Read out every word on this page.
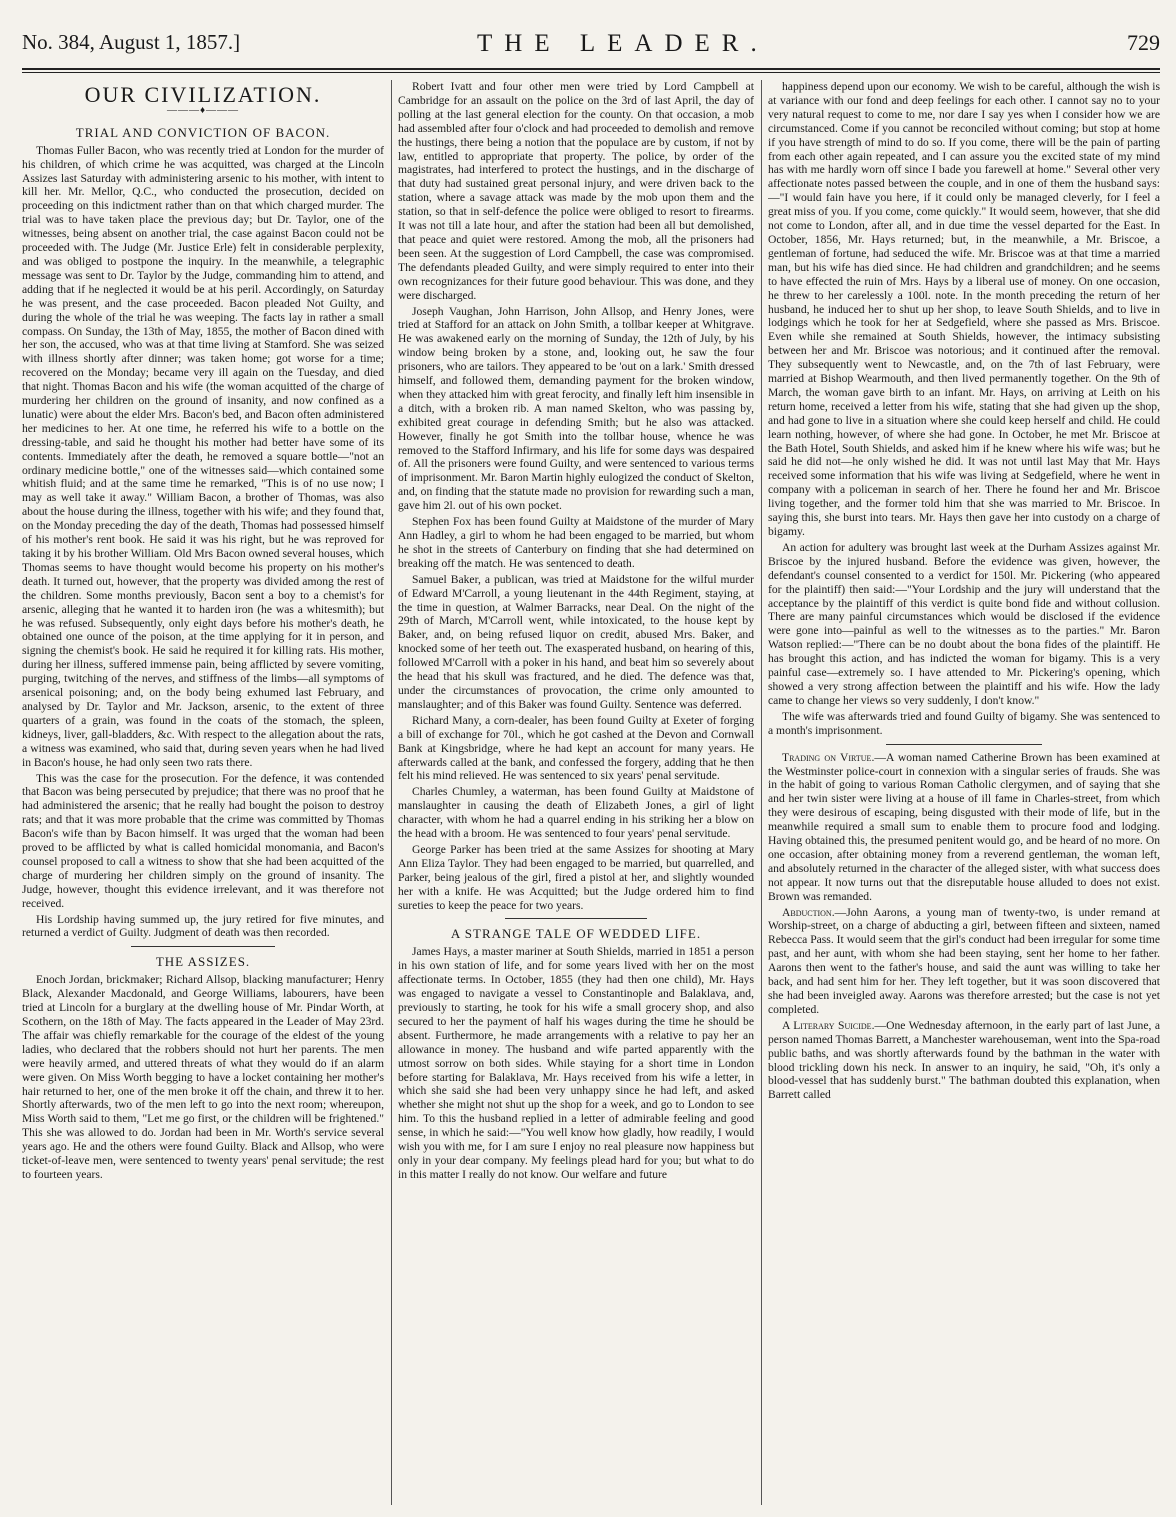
No. 384, August 1, 1857.]	THE LEADER.	729
OUR CIVILIZATION.
———♦———
TRIAL AND CONVICTION OF BACON.

Thomas Fuller Bacon, who was recently tried at London for the murder of his children, of which crime he was acquitted, was charged at the Lincoln Assizes last Saturday with administering arsenic to his mother, with intent to kill her. Mr. Mellor, Q.C., who conducted the prosecution, decided on proceeding on this indictment rather than on that which charged murder. The trial was to have taken place the previous day; but Dr. Taylor, one of the witnesses, being absent on another trial, the case against Bacon could not be proceeded with. The Judge (Mr. Justice Erle) felt in considerable perplexity, and was obliged to postpone the inquiry. In the meanwhile, a telegraphic message was sent to Dr. Taylor by the Judge, commanding him to attend, and adding that if he neglected it would be at his peril. Accordingly, on Saturday he was present, and the case proceeded. Bacon pleaded Not Guilty, and during the whole of the trial he was weeping. The facts lay in rather a small compass. On Sunday, the 13th of May, 1855, the mother of Bacon dined with her son, the accused, who was at that time living at Stamford. She was seized with illness shortly after dinner; was taken home; got worse for a time; recovered on the Monday; became very ill again on the Tuesday, and died that night. Thomas Bacon and his wife (the woman acquitted of the charge of murdering her children on the ground of insanity, and now confined as a lunatic) were about the elder Mrs. Bacon's bed, and Bacon often administered her medicines to her. At one time, he referred his wife to a bottle on the dressing-table, and said he thought his mother had better have some of its contents. Immediately after the death, he removed a square bottle—"not an ordinary medicine bottle," one of the witnesses said—which contained some whitish fluid; and at the same time he remarked, "This is of no use now; I may as well take it away." William Bacon, a brother of Thomas, was also about the house during the illness, together with his wife; and they found that, on the Monday preceding the day of the death, Thomas had possessed himself of his mother's rent book. He said it was his right, but he was reproved for taking it by his brother William. Old Mrs Bacon owned several houses, which Thomas seems to have thought would become his property on his mother's death. It turned out, however, that the property was divided among the rest of the children. Some months previously, Bacon sent a boy to a chemist's for arsenic, alleging that he wanted it to harden iron (he was a whitesmith); but he was refused. Subsequently, only eight days before his mother's death, he obtained one ounce of the poison, at the time applying for it in person, and signing the chemist's book. He said he required it for killing rats. His mother, during her illness, suffered immense pain, being afflicted by severe vomiting, purging, twitching of the nerves, and stiffness of the limbs—all symptoms of arsenical poisoning; and, on the body being exhumed last February, and analysed by Dr. Taylor and Mr. Jackson, arsenic, to the extent of three quarters of a grain, was found in the coats of the stomach, the spleen, kidneys, liver, gall-bladders, &c. With respect to the allegation about the rats, a witness was examined, who said that, during seven years when he had lived in Bacon's house, he had only seen two rats there.

This was the case for the prosecution. For the defence, it was contended that Bacon was being persecuted by prejudice; that there was no proof that he had administered the arsenic; that he really had bought the poison to destroy rats; and that it was more probable that the crime was committed by Thomas Bacon's wife than by Bacon himself. It was urged that the woman had been proved to be afflicted by what is called homicidal monomania, and Bacon's counsel proposed to call a witness to show that she had been acquitted of the charge of murdering her children simply on the ground of insanity. The Judge, however, thought this evidence irrelevant, and it was therefore not received.

His Lordship having summed up, the jury retired for five minutes, and returned a verdict of Guilty. Judgment of death was then recorded.

THE ASSIZES.

Enoch Jordan, brickmaker; Richard Allsop, blacking manufacturer; Henry Black, Alexander Macdonald, and George Williams, labourers, have been tried at Lincoln for a burglary at the dwelling house of Mr. Pindar Worth, at Scothern, on the 18th of May. The facts appeared in the Leader of May 23rd. The affair was chiefly remarkable for the courage of the eldest of the young ladies, who declared that the robbers should not hurt her parents. The men were heavily armed, and uttered threats of what they would do if an alarm were given. On Miss Worth begging to have a locket containing her mother's hair returned to her, one of the men broke it off the chain, and threw it to her. Shortly afterwards, two of the men left to go into the next room; whereupon, Miss Worth said to them, "Let me go first, or the children will be frightened." This she was allowed to do. Jordan had been in Mr. Worth's service several years ago. He and the others were found Guilty. Black and Allsop, who were ticket-of-leave men, were sentenced to twenty years' penal servitude; the rest to fourteen years.

Robert Ivatt and four other men were tried by Lord Campbell at Cambridge for an assault on the police on the 3rd of last April, the day of polling at the last general election for the county. On that occasion, a mob had assembled after four o'clock and had proceeded to demolish and remove the hustings, there being a notion that the populace are by custom, if not by law, entitled to appropriate that property. The police, by order of the magistrates, had interfered to protect the hustings, and in the discharge of that duty had sustained great personal injury, and were driven back to the station, where a savage attack was made by the mob upon them and the station, so that in self-defence the police were obliged to resort to firearms. It was not till a late hour, and after the station had been all but demolished, that peace and quiet were restored. Among the mob, all the prisoners had been seen. At the suggestion of Lord Campbell, the case was compromised. The defendants pleaded Guilty, and were simply required to enter into their own recognizances for their future good behaviour. This was done, and they were discharged.

Joseph Vaughan, John Harrison, John Allsop, and Henry Jones, were tried at Stafford for an attack on John Smith, a tollbar keeper at Whitgrave. He was awakened early on the morning of Sunday, the 12th of July, by his window being broken by a stone, and, looking out, he saw the four prisoners, who are tailors. They appeared to be 'out on a lark.' Smith dressed himself, and followed them, demanding payment for the broken window, when they attacked him with great ferocity, and finally left him insensible in a ditch, with a broken rib. A man named Skelton, who was passing by, exhibited great courage in defending Smith; but he also was attacked. However, finally he got Smith into the tollbar house, whence he was removed to the Stafford Infirmary, and his life for some days was despaired of. All the prisoners were found Guilty, and were sentenced to various terms of imprisonment. Mr. Baron Martin highly eulogized the conduct of Skelton, and, on finding that the statute made no provision for rewarding such a man, gave him 2l. out of his own pocket.

Stephen Fox has been found Guilty at Maidstone of the murder of Mary Ann Hadley, a girl to whom he had been engaged to be married, but whom he shot in the streets of Canterbury on finding that she had determined on breaking off the match. He was sentenced to death.

Samuel Baker, a publican, was tried at Maidstone for the wilful murder of Edward M'Carroll, a young lieutenant in the 44th Regiment, staying, at the time in question, at Walmer Barracks, near Deal. On the night of the 29th of March, M'Carroll went, while intoxicated, to the house kept by Baker, and, on being refused liquor on credit, abused Mrs. Baker, and knocked some of her teeth out. The exasperated husband, on hearing of this, followed M'Carroll with a poker in his hand, and beat him so severely about the head that his skull was fractured, and he died. The defence was that, under the circumstances of provocation, the crime only amounted to manslaughter; and of this Baker was found Guilty. Sentence was deferred.

Richard Many, a corn-dealer, has been found Guilty at Exeter of forging a bill of exchange for 70l., which he got cashed at the Devon and Cornwall Bank at Kingsbridge, where he had kept an account for many years. He afterwards called at the bank, and confessed the forgery, adding that he then felt his mind relieved. He was sentenced to six years' penal servitude.

Charles Chumley, a waterman, has been found Guilty at Maidstone of manslaughter in causing the death of Elizabeth Jones, a girl of light character, with whom he had a quarrel ending in his striking her a blow on the head with a broom. He was sentenced to four years' penal servitude.

George Parker has been tried at the same Assizes for shooting at Mary Ann Eliza Taylor. They had been engaged to be married, but quarrelled, and Parker, being jealous of the girl, fired a pistol at her, and slightly wounded her with a knife. He was Acquitted; but the Judge ordered him to find sureties to keep the peace for two years.

A STRANGE TALE OF WEDDED LIFE.

James Hays, a master mariner at South Shields, married in 1851 a person in his own station of life, and for some years lived with her on the most affectionate terms. In October, 1855 (they had then one child), Mr. Hays was engaged to navigate a vessel to Constantinople and Balaklava, and, previously to starting, he took for his wife a small grocery shop, and also secured to her the payment of half his wages during the time he should be absent. Furthermore, he made arrangements with a relative to pay her an allowance in money. The husband and wife parted apparently with the utmost sorrow on both sides. While staying for a short time in London before starting for Balaklava, Mr. Hays received from his wife a letter, in which she said she had been very unhappy since he had left, and asked whether she might not shut up the shop for a week, and go to London to see him. To this the husband replied in a letter of admirable feeling and good sense, in which he said:—"You well know how gladly, how readily, I would wish you with me, for I am sure I enjoy no real pleasure now happiness but only in your dear company. My feelings plead hard for you; but what to do in this matter I really do not know. Our welfare and future

happiness depend upon our economy. We wish to be careful, although the wish is at variance with our fond and deep feelings for each other. I cannot say no to your very natural request to come to me, nor dare I say yes when I consider how we are circumstanced. Come if you cannot be reconciled without coming; but stop at home if you have strength of mind to do so. If you come, there will be the pain of parting from each other again repeated, and I can assure you the excited state of my mind has with me hardly worn off since I bade you farewell at home." Several other very affectionate notes passed between the couple, and in one of them the husband says:—"I would fain have you here, if it could only be managed cleverly, for I feel a great miss of you. If you come, come quickly." It would seem, however, that she did not come to London, after all, and in due time the vessel departed for the East. In October, 1856, Mr. Hays returned; but, in the meanwhile, a Mr. Briscoe, a gentleman of fortune, had seduced the wife. Mr. Briscoe was at that time a married man, but his wife has died since. He had children and grandchildren; and he seems to have effected the ruin of Mrs. Hays by a liberal use of money. On one occasion, he threw to her carelessly a 100l. note. In the month preceding the return of her husband, he induced her to shut up her shop, to leave South Shields, and to live in lodgings which he took for her at Sedgefield, where she passed as Mrs. Briscoe. Even while she remained at South Shields, however, the intimacy subsisting between her and Mr. Briscoe was notorious; and it continued after the removal. They subsequently went to Newcastle, and, on the 7th of last February, were married at Bishop Wearmouth, and then lived permanently together. On the 9th of March, the woman gave birth to an infant. Mr. Hays, on arriving at Leith on his return home, received a letter from his wife, stating that she had given up the shop, and had gone to live in a situation where she could keep herself and child. He could learn nothing, however, of where she had gone. In October, he met Mr. Briscoe at the Bath Hotel, South Shields, and asked him if he knew where his wife was; but he said he did not—he only wished he did. It was not until last May that Mr. Hays received some information that his wife was living at Sedgefield, where he went in company with a policeman in search of her. There he found her and Mr. Briscoe living together, and the former told him that she was married to Mr. Briscoe. In saying this, she burst into tears. Mr. Hays then gave her into custody on a charge of bigamy.

An action for adultery was brought last week at the Durham Assizes against Mr. Briscoe by the injured husband. Before the evidence was given, however, the defendant's counsel consented to a verdict for 150l. Mr. Pickering (who appeared for the plaintiff) then said:—"Your Lordship and the jury will understand that the acceptance by the plaintiff of this verdict is quite bond fide and without collusion. There are many painful circumstances which would be disclosed if the evidence were gone into—painful as well to the witnesses as to the parties." Mr. Baron Watson replied:—"There can be no doubt about the bona fides of the plaintiff. He has brought this action, and has indicted the woman for bigamy. This is a very painful case—extremely so. I have attended to Mr. Pickering's opening, which showed a very strong affection between the plaintiff and his wife. How the lady came to change her views so very suddenly, I don't know."

The wife was afterwards tried and found Guilty of bigamy. She was sentenced to a month's imprisonment.

Trading on Virtue.—A woman named Catherine Brown has been examined at the Westminster police-court in connexion with a singular series of frauds. She was in the habit of going to various Roman Catholic clergymen, and of saying that she and her twin sister were living at a house of ill fame in Charles-street, from which they were desirous of escaping, being disgusted with their mode of life, but in the meanwhile required a small sum to enable them to procure food and lodging. Having obtained this, the presumed penitent would go, and be heard of no more. On one occasion, after obtaining money from a reverend gentleman, the woman left, and absolutely returned in the character of the alleged sister, with what success does not appear. It now turns out that the disreputable house alluded to does not exist. Brown was remanded.

Abduction.—John Aarons, a young man of twenty-two, is under remand at Worship-street, on a charge of abducting a girl, between fifteen and sixteen, named Rebecca Pass. It would seem that the girl's conduct had been irregular for some time past, and her aunt, with whom she had been staying, sent her home to her father. Aarons then went to the father's house, and said the aunt was willing to take her back, and had sent him for her. They left together, but it was soon discovered that she had been inveigled away. Aarons was therefore arrested; but the case is not yet completed.

A Literary Suicide.—One Wednesday afternoon, in the early part of last June, a person named Thomas Barrett, a Manchester warehouseman, went into the Spa-road public baths, and was shortly afterwards found by the bathman in the water with blood trickling down his neck. In answer to an inquiry, he said, "Oh, it's only a blood-vessel that has suddenly burst." The bathman doubted this explanation, when Barrett called
